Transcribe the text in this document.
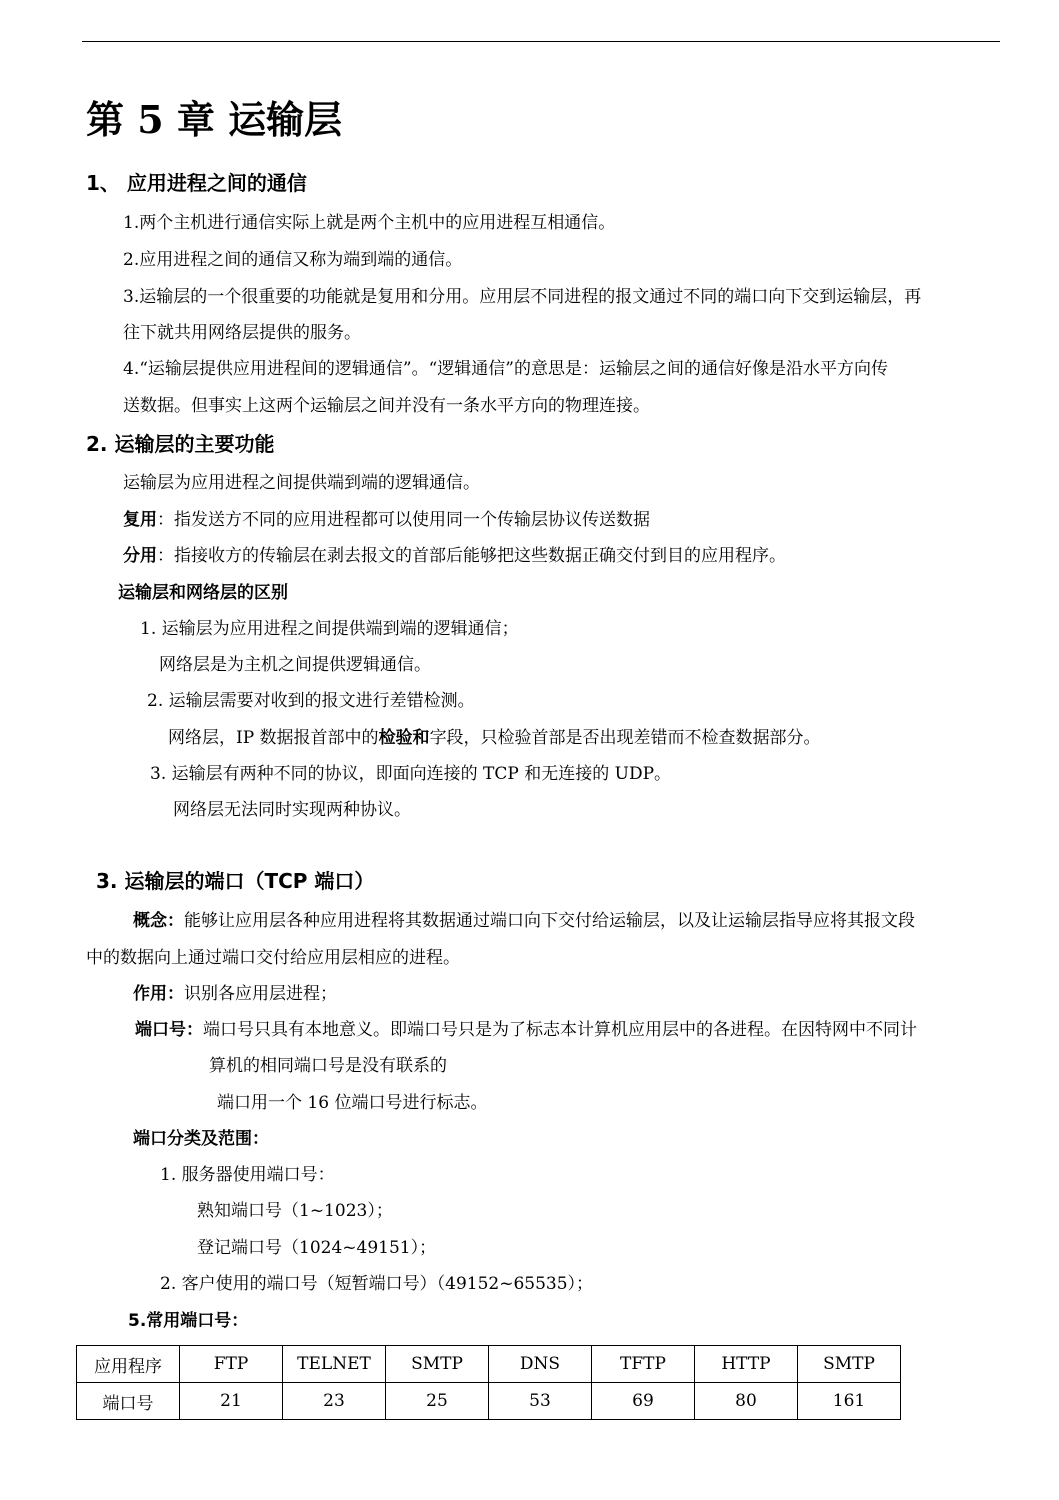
第 5 章 运输层
1、 应用进程之间的通信
1.两个主机进行通信实际上就是两个主机中的应用进程互相通信。
2.应用进程之间的通信又称为端到端的通信。
3.运输层的一个很重要的功能就是复用和分用。应用层不同进程的报文通过不同的端口向下交到运输层，再
往下就共用网络层提供的服务。
4.“运输层提供应用进程间的逻辑通信”。“逻辑通信”的意思是：运输层之间的通信好像是沿水平方向传
送数据。但事实上这两个运输层之间并没有一条水平方向的物理连接。
2. 运输层的主要功能
运输层为应用进程之间提供端到端的逻辑通信。
复用：指发送方不同的应用进程都可以使用同一个传输层协议传送数据
分用：指接收方的传输层在剥去报文的首部后能够把这些数据正确交付到目的应用程序。
运输层和网络层的区别
1. 运输层为应用进程之间提供端到端的逻辑通信；
网络层是为主机之间提供逻辑通信。
2. 运输层需要对收到的报文进行差错检测。
网络层，IP 数据报首部中的检验和字段，只检验首部是否出现差错而不检查数据部分。
3. 运输层有两种不同的协议，即面向连接的 TCP 和无连接的 UDP。
网络层无法同时实现两种协议。
3. 运输层的端口（TCP 端口）
概念：能够让应用层各种应用进程将其数据通过端口向下交付给运输层，以及让运输层指导应将其报文段
中的数据向上通过端口交付给应用层相应的进程。
作用：识别各应用层进程；
端口号：端口号只具有本地意义。即端口号只是为了标志本计算机应用层中的各进程。在因特网中不同计
算机的相同端口号是没有联系的
端口用一个 16 位端口号进行标志。
端口分类及范围：
1. 服务器使用端口号：
熟知端口号（1~1023）；
登记端口号（1024~49151）；
2. 客户使用的端口号（短暂端口号）（49152~65535）；
5.常用端口号：
应用程序	FTP	TELNET	SMTP	DNS	TFTP	HTTP	SMTP
端口号	21	23	25	53	69	80	161
